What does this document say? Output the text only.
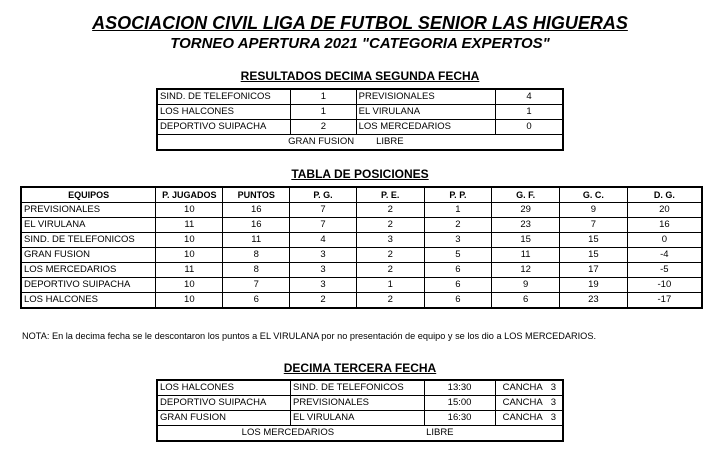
ASOCIACION CIVIL LIGA DE FUTBOL SENIOR LAS HIGUERAS
TORNEO APERTURA 2021 "CATEGORIA EXPERTOS"
RESULTADOS DECIMA SEGUNDA FECHA
SIND. DE TELEFONICOS	1	PREVISIONALES	4
LOS HALCONES	1	EL VIRULANA	1
DEPORTIVO SUIPACHA	2	LOS MERCEDARIOS	0
GRAN FUSION		LIBRE	
TABLA DE POSICIONES
EQUIPOS	P. JUGADOS	PUNTOS	P. G.	P. E.	P. P.	G. F.	G. C.	D. G.
PREVISIONALES	10	16	7	2	1	29	9	20
EL VIRULANA	11	16	7	2	2	23	7	16
SIND. DE TELEFONICOS	10	11	4	3	3	15	15	0
GRAN FUSION	10	8	3	2	5	11	15	-4
LOS MERCEDARIOS	11	8	3	2	6	12	17	-5
DEPORTIVO SUIPACHA	10	7	3	1	6	9	19	-10
LOS HALCONES	10	6	2	2	6	6	23	-17
NOTA: En la decima fecha se le descontaron los puntos a EL VIRULANA por no presentación de equipo y se los dio a LOS MERCEDARIOS.
DECIMA TERCERA FECHA
LOS HALCONES	SIND. DE TELEFONICOS	13:30	CANCHA 3
DEPORTIVO SUIPACHA	PREVISIONALES	15:00	CANCHA 3
GRAN FUSION	EL VIRULANA	16:30	CANCHA 3
LOS MERCEDARIOS		LIBRE	
